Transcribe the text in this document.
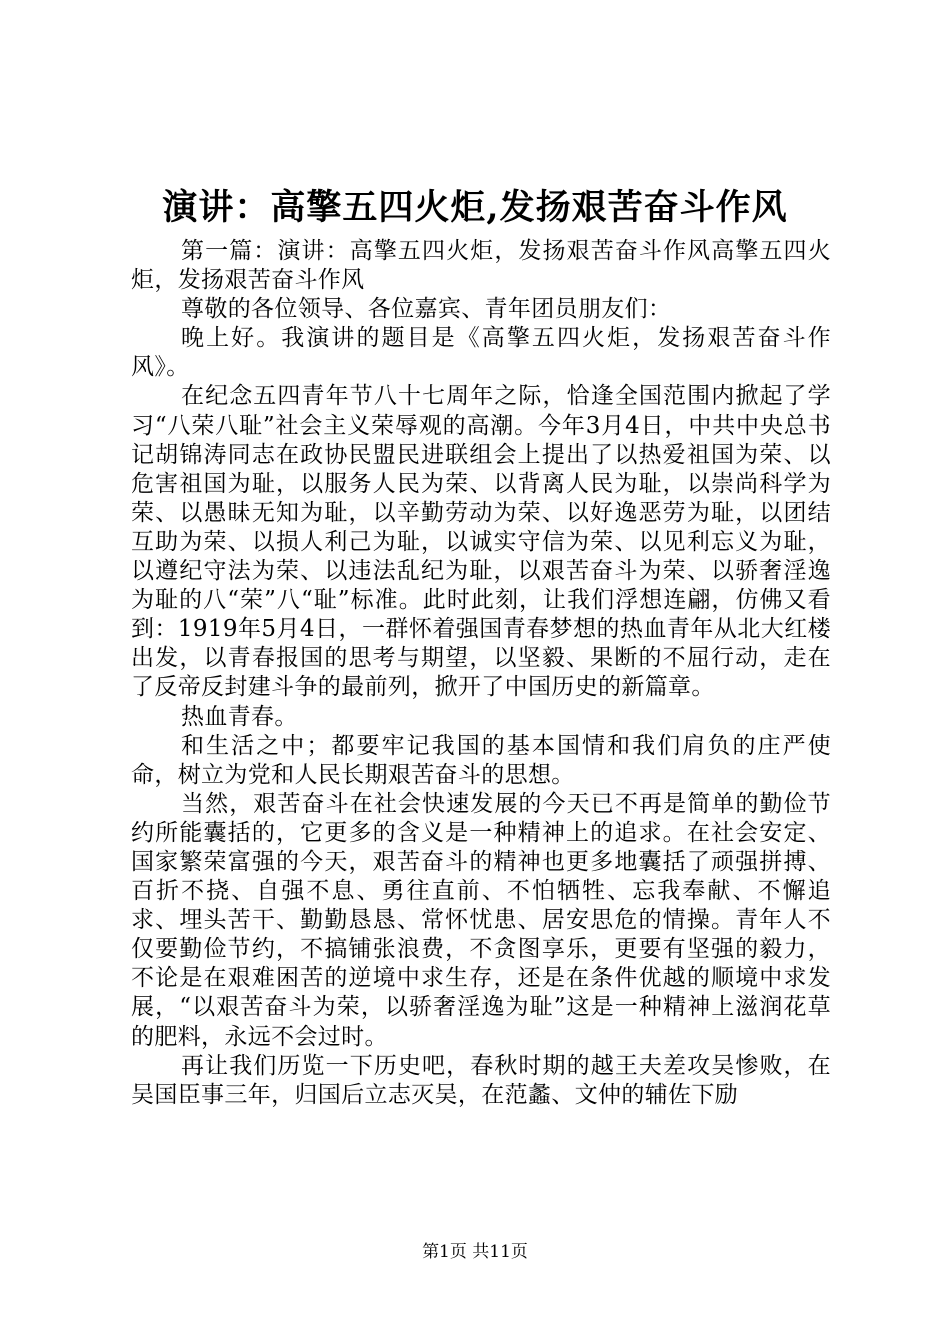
演讲：高擎五四火炬,发扬艰苦奋斗作风

第一篇：演讲：高擎五四火炬，发扬艰苦奋斗作风高擎五四火炬，发扬艰苦奋斗作风

尊敬的各位领导、各位嘉宾、青年团员朋友们：

晚上好。我演讲的题目是《高擎五四火炬，发扬艰苦奋斗作风》。

在纪念五四青年节八十七周年之际，恰逢全国范围内掀起了学习“八荣八耻”社会主义荣辱观的高潮。今年3月4日，中共中央总书记胡锦涛同志在政协民盟民进联组会上提出了以热爱祖国为荣、以危害祖国为耻，以服务人民为荣、以背离人民为耻，以崇尚科学为荣、以愚昧无知为耻，以辛勤劳动为荣、以好逸恶劳为耻，以团结互助为荣、以损人利己为耻，以诚实守信为荣、以见利忘义为耻，以遵纪守法为荣、以违法乱纪为耻，以艰苦奋斗为荣、以骄奢淫逸为耻的八“荣”八“耻”标准。此时此刻，让我们浮想连翩，仿佛又看到：1919年5月4日，一群怀着强国青春梦想的热血青年从北大红楼出发，以青春报国的思考与期望，以坚毅、果断的不屈行动，走在了反帝反封建斗争的最前列，掀开了中国历史的新篇章。

热血青春。

和生活之中；都要牢记我国的基本国情和我们肩负的庄严使命，树立为党和人民长期艰苦奋斗的思想。

当然，艰苦奋斗在社会快速发展的今天已不再是简单的勤俭节约所能囊括的，它更多的含义是一种精神上的追求。在社会安定、国家繁荣富强的今天，艰苦奋斗的精神也更多地囊括了顽强拼搏、百折不挠、自强不息、勇往直前、不怕牺牲、忘我奉献、不懈追求、埋头苦干、勤勤恳恳、常怀忧患、居安思危的情操。青年人不仅要勤俭节约，不搞铺张浪费，不贪图享乐，更要有坚强的毅力，不论是在艰难困苦的逆境中求生存，还是在条件优越的顺境中求发展，“以艰苦奋斗为荣，以骄奢淫逸为耻”这是一种精神上滋润花草的肥料，永远不会过时。

再让我们历览一下历史吧，春秋时期的越王夫差攻吴惨败，在吴国臣事三年，归国后立志灭吴，在范蠡、文仲的辅佐下励

第1页 共11页
